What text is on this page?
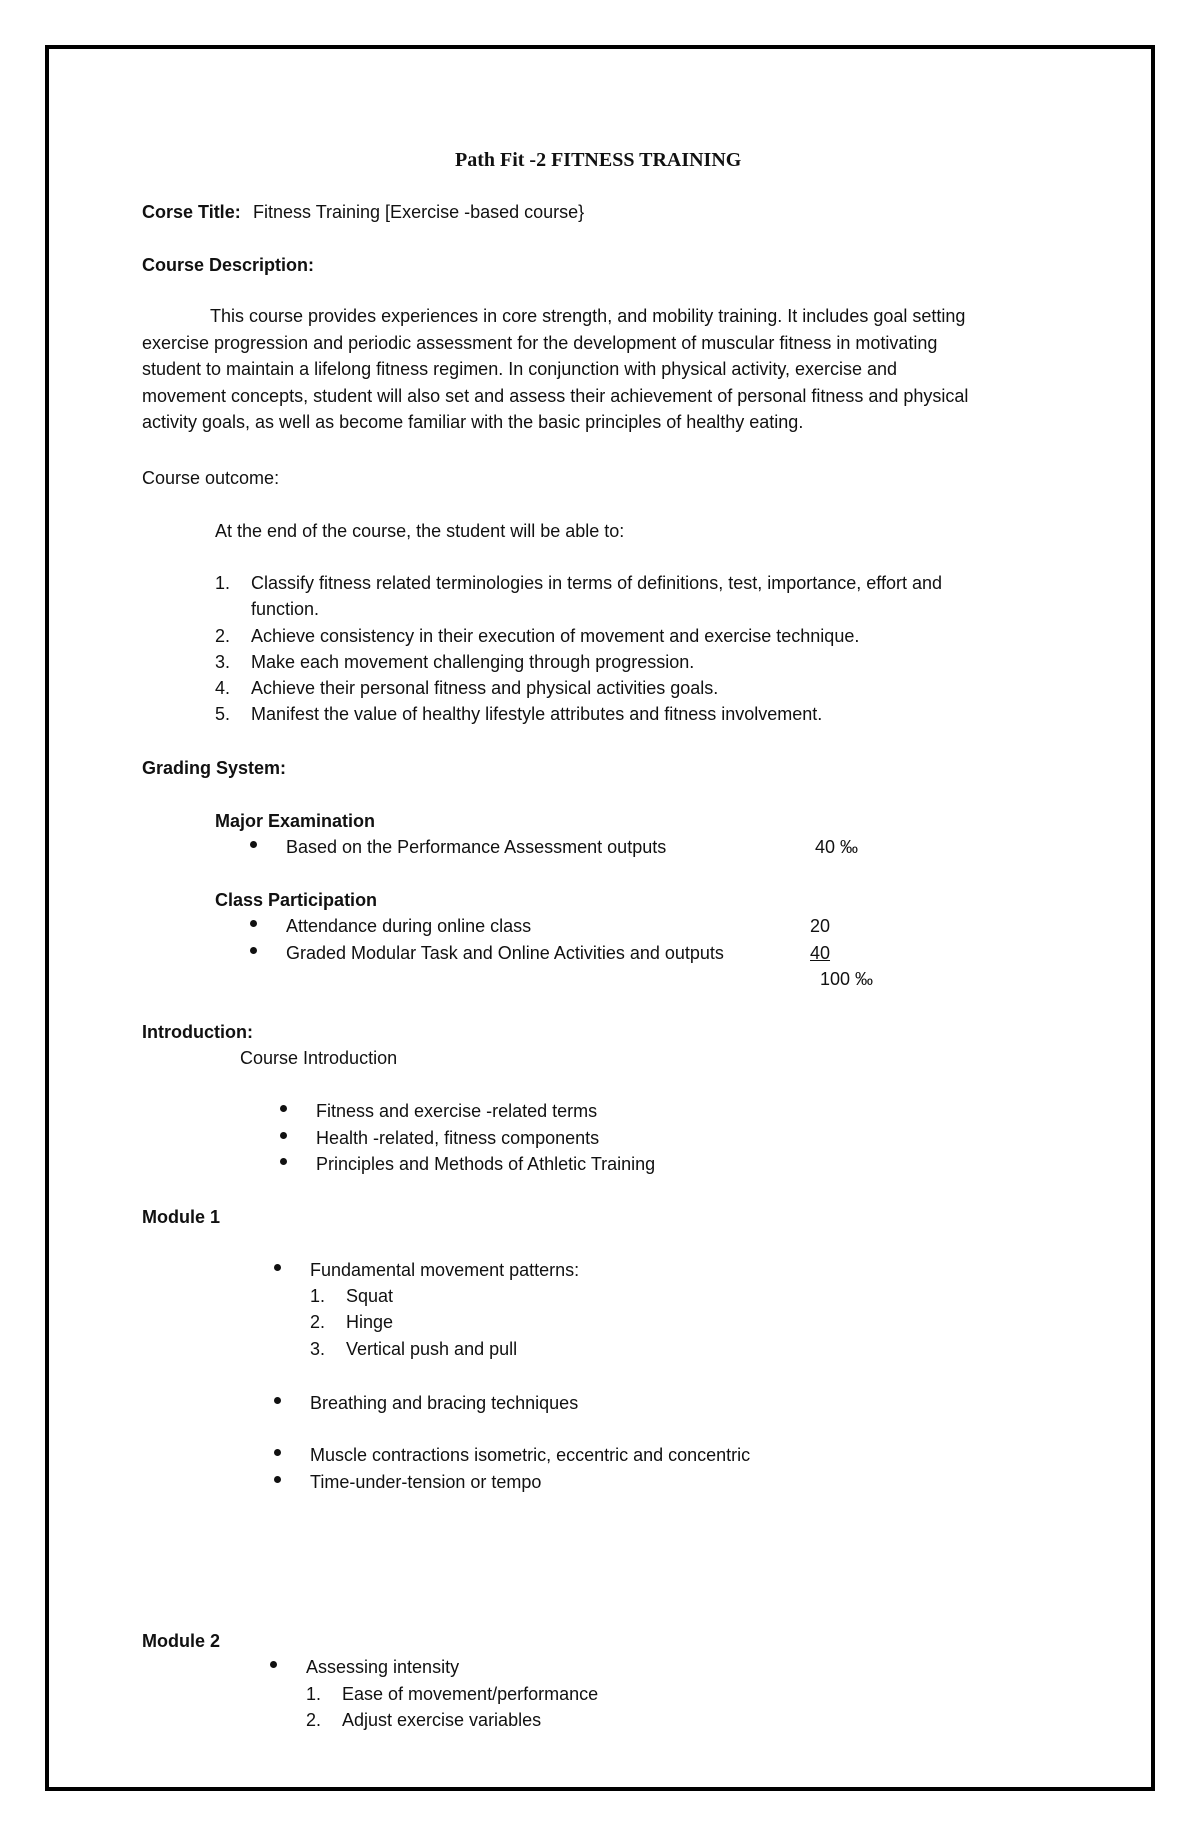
Path Fit -2 FITNESS TRAINING
Corse Title: Fitness Training [Exercise -based course}
Course Description:
This course provides experiences in core strength, and mobility training. It includes goal setting
exercise progression and periodic assessment for the development of muscular fitness in motivating
student to maintain a lifelong fitness regimen. In conjunction with physical activity, exercise and
movement concepts, student will also set and assess their achievement of personal fitness and physical
activity goals, as well as become familiar with the basic principles of healthy eating.
Course outcome:
At the end of the course, the student will be able to:
1.	Classify fitness related terminologies in terms of definitions, test, importance, effort and
function.
2.	Achieve consistency in their execution of movement and exercise technique.
3.	Make each movement challenging through progression.
4.	Achieve their personal fitness and physical activities goals.
5.	Manifest the value of healthy lifestyle attributes and fitness involvement.
Grading System:
Major Examination
Based on the Performance Assessment outputs	40 ‰
Class Participation
Attendance during online class	20
Graded Modular Task and Online Activities and outputs	40
100 ‰
Introduction:
Course Introduction
Fitness and exercise -related terms
Health -related, fitness components
Principles and Methods of Athletic Training
Module 1
Fundamental movement patterns:
1.	Squat
2.	Hinge
3.	Vertical push and pull
Breathing and bracing techniques
Muscle contractions isometric, eccentric and concentric
Time-under-tension or tempo
Module 2
Assessing intensity
1.	Ease of movement/performance
2.	Adjust exercise variables
